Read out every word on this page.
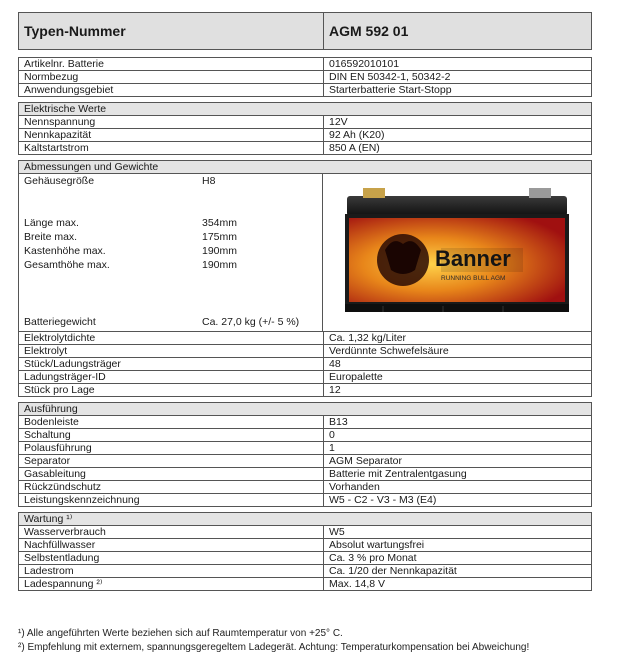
Typen-Nummer	AGM 592 01
Artikelnr. Batterie	016592010101
Normbezug	DIN EN 50342-1, 50342-2
Anwendungsgebiet	Starterbatterie Start-Stopp
Elektrische Werte
Nennspannung	12V
Nennkapazität	92 Ah (K20)
Kaltstartstrom	850 A (EN)
Abmessungen und Gewichte
Gehäusegröße	H8
Länge max.	354mm
Breite max.	175mm
Kastenhöhe max.	190mm
Gesamthöhe max.	190mm
Batteriegewicht	Ca. 27,0 kg (+/- 5 %)
Banner
RUNNING BULL AGM
Elektrolytdichte	Ca. 1,32 kg/Liter
Elektrolyt	Verdünnte Schwefelsäure
Stück/Ladungsträger	48
Ladungsträger-ID	Europalette
Stück pro Lage	12
Ausführung
Bodenleiste	B13
Schaltung	0
Polausführung	1
Separator	AGM Separator
Gasableitung	Batterie mit Zentralentgasung
Rückzündschutz	Vorhanden
Leistungskennzeichnung	W5 - C2 - V3 - M3 (E4)
Wartung ¹⁾
Wasserverbrauch	W5
Nachfüllwasser	Absolut wartungsfrei
Selbstentladung	Ca. 3 % pro Monat
Ladestrom	Ca. 1/20 der Nennkapazität
Ladespannung ²⁾	Max. 14,8 V
¹) Alle angeführten Werte beziehen sich auf Raumtemperatur von +25° C.
²) Empfehlung mit externem, spannungsgeregeltem Ladegerät. Achtung: Temperaturkompensation bei Abweichung!
